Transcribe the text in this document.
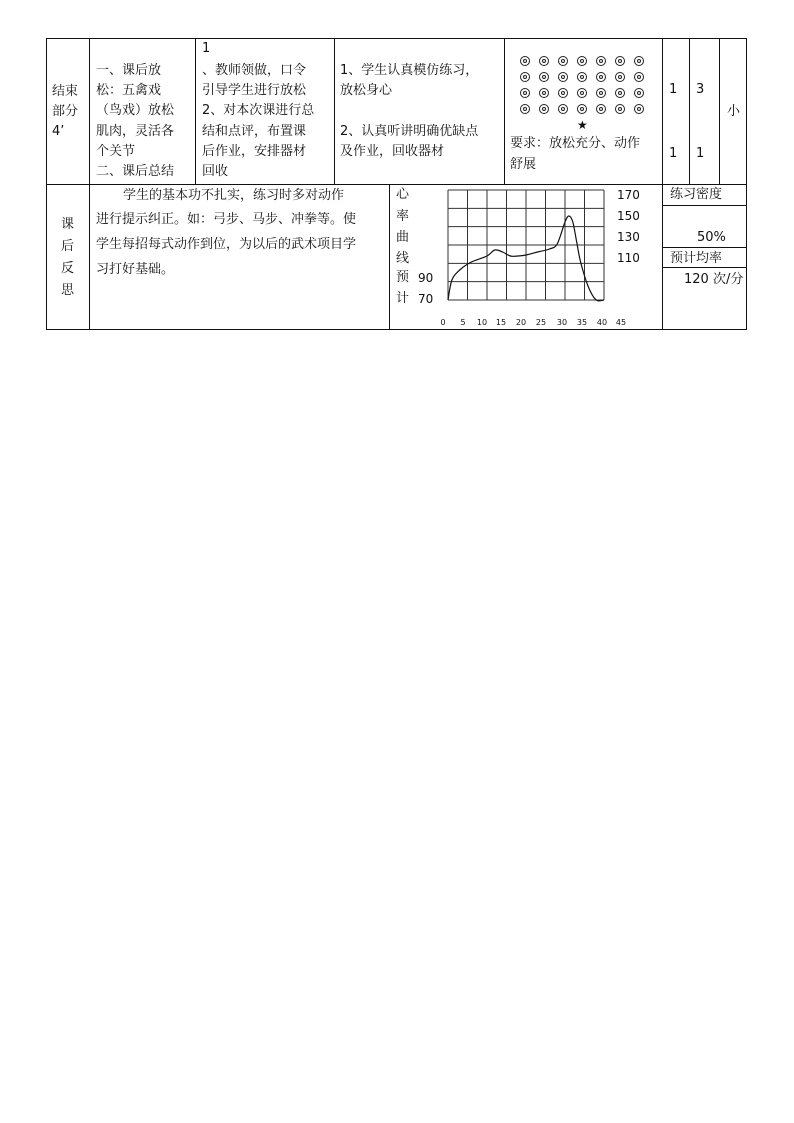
结束
部分
4’
一、课后放
松：五禽戏
（鸟戏）放松
肌肉，灵活各
个关节
二、课后总结
1
、教师领做，口令
引导学生进行放松
2、对本次课进行总
结和点评，布置课
后作业，安排器材
回收
1、学生认真模仿练习，
放松身心
2、认真听讲明确优缺点
及作业，回收器材
★
要求：放松充分、动作
舒展
1
1
3
1
小
课
后
反
思
学生的基本功不扎实，练习时多对动作
进行提示纠正。如：弓步、马步、冲拳等。使
学生每招每式动作到位，为以后的武术项目学
习打好基础。
心
率
曲
线
预
计
练习密度
50%
预计均率
120 次/分
0 5 10 15 20 25 30 35 40 45
170
150
130
110
90
70
